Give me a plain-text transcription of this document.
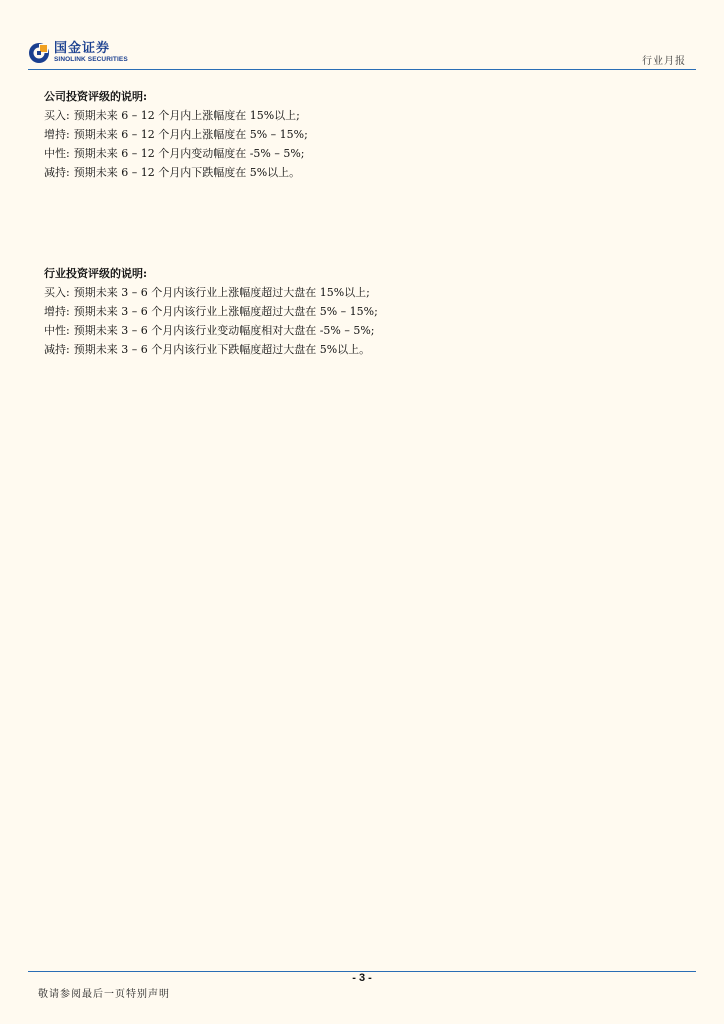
国金证券
SINOLINK SECURITIES	行业月报
公司投资评级的说明:
买入: 预期未来 6 – 12 个月内上涨幅度在 15%以上;
增持: 预期未来 6 – 12 个月内上涨幅度在 5% – 15%;
中性: 预期未来 6 – 12 个月内变动幅度在 -5% – 5%;
减持: 预期未来 6 – 12 个月内下跌幅度在 5%以上。
行业投资评级的说明:
买入: 预期未来 3 – 6 个月内该行业上涨幅度超过大盘在 15%以上;
增持: 预期未来 3 – 6 个月内该行业上涨幅度超过大盘在 5% – 15%;
中性: 预期未来 3 – 6 个月内该行业变动幅度相对大盘在 -5% – 5%;
减持: 预期未来 3 – 6 个月内该行业下跌幅度超过大盘在 5%以上。
- 3 -
敬请参阅最后一页特别声明
